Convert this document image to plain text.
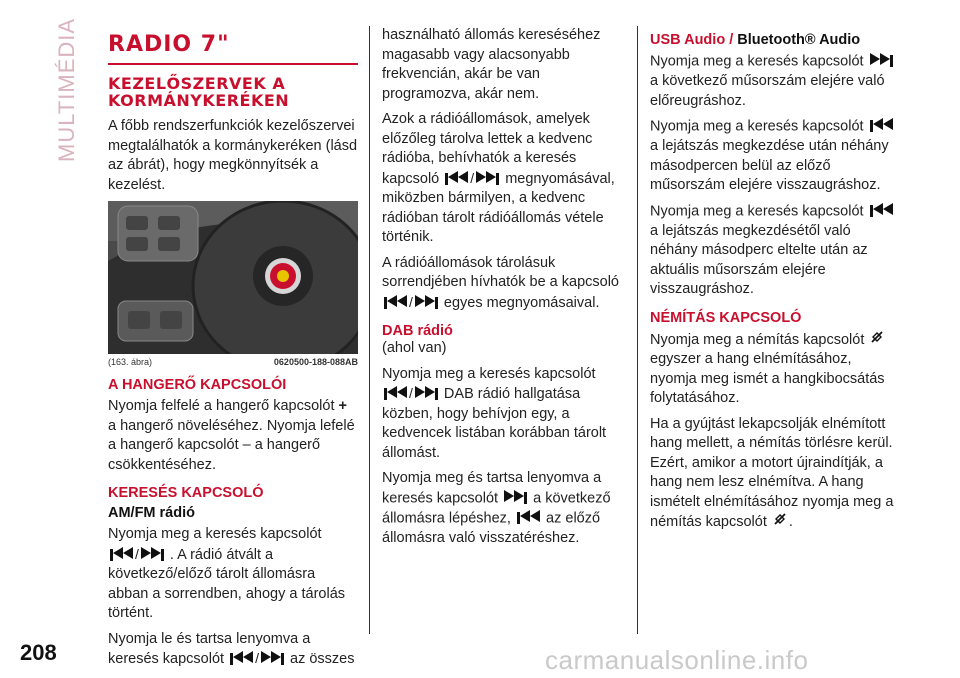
MULTIMÉDIA
208	carmanualsonline.info
RADIO 7"
KEZELŐSZERVEK A KORMÁNYKERÉKEN

A főbb rendszerfunkciók kezelőszervei megtalálhatók a kormánykeréken (lásd az ábrát), hogy megkönnyítsék a kezelést.

(163. ábra)	0620500-188-088AB
A HANGERŐ KAPCSOLÓI

Nyomja felfelé a hangerő kapcsolót + a hangerő növeléséhez. Nyomja lefelé a hangerő kapcsolót – a hangerő csökkentéséhez.

KERESÉS KAPCSOLÓ
AM/FM rádió

Nyomja meg a keresés kapcsolót / . A rádió átvált a következő/előző tárolt állomásra abban a sorrendben, ahogy a tárolás történt.

Nyomja le és tartsa lenyomva a keresés kapcsolót / az összes

használható állomás kereséséhez magasabb vagy alacsonyabb frekvencián, akár be van programozva, akár nem.

Azok a rádióállomások, amelyek előzőleg tárolva lettek a kedvenc rádióba, behívhatók a keresés kapcsoló / megnyomásával, miközben bármilyen, a kedvenc rádióban tárolt rádióállomás vétele történik.

A rádióállomások tárolásuk sorrendjében hívhatók be a kapcsoló / egyes megnyomásaival.

DAB rádió

(ahol van)

Nyomja meg a keresés kapcsolót / DAB rádió hallgatása közben, hogy behívjon egy, a kedvencek listában korábban tárolt állomást.

Nyomja meg és tartsa lenyomva a keresés kapcsolót a következő állomásra lépéshez, az előző állomásra való visszatéréshez.

USB Audio / Bluetooth® Audio

Nyomja meg a keresés kapcsolót  a következő műsorszám elejére való előreugráshoz.

Nyomja meg a keresés kapcsolót  a lejátszás megkezdése után néhány másodpercen belül az előző műsorszám elejére visszaugráshoz.

Nyomja meg a keresés kapcsolót  a lejátszás megkezdésétől való néhány másodperc eltelte után az aktuális műsorszám elejére visszaugráshoz.

NÉMÍTÁS KAPCSOLÓ

Nyomja meg a némítás kapcsolót  egyszer a hang elnémításához, nyomja meg ismét a hangkibocsátás folytatásához.

Ha a gyújtást lekapcsolják elnémított hang mellett, a némítás törlésre kerül. Ezért, amikor a motort újraindítják, a hang nem lesz elnémítva. A hang ismételt elnémításához nyomja meg a némítás kapcsolót .
